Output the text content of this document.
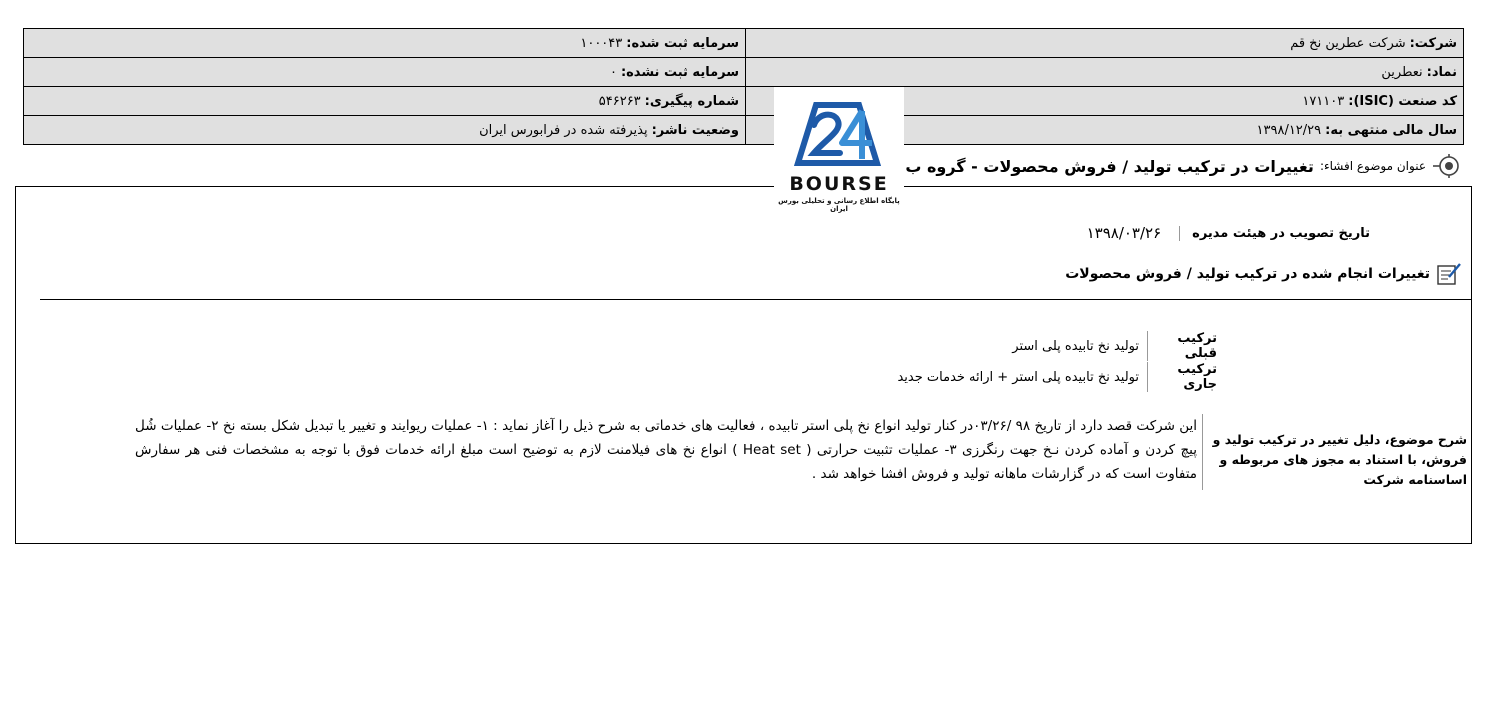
شرکت:شرکت عطرین نخ قم	سرمایه ثبت شده:۱۰۰۰۴۳
نماد:نعطرین	سرمایه ثبت نشده:۰
کد صنعت (ISIC):۱۷۱۱۰۳	شماره پیگیری:۵۴۶۲۶۳
سال مالی منتهی به:۱۳۹۸/۱۲/۲۹	وضعیت ناشر:پذیرفته شده در فرابورس ایران
BOURSE
پایگاه اطلاع رسانی و تحلیلی بورس ایران
عنوان موضوع افشاء:
تغییرات در ترکیب تولید / فروش محصولات - گروه ب
تاریخ تصویب در هیئت مدیره
۱۳۹۸/۰۳/۲۶
تغییرات انجام شده در ترکیب تولید / فروش محصولات
ترکیب قبلی
تولید نخ تابیده پلی استر
ترکیب جاری
تولید نخ تابیده پلی استر + ارائه خدمات جدید
شرح موضوع، دلیل تغییر در ترکیب تولید و فروش، با استناد به مجوز های مربوطه و اساسنامه شرکت
این شرکت قصد دارد از تاریخ ۹۸ /۰۳/۲۶در کنار تولید انواع نخ پلی استر تابیده ، فعالیت های خدماتی به شرح ذیل را آغاز نماید : ۱- عملیات ریوایند و تغییر یا تبدیل شکل بسته نخ ۲- عملیات شُل پیچ کردن و آماده کردن نـخ جهت رنگرزی ۳- عملیات تثبیت حرارتی ( Heat set ) انواع نخ های فیلامنت لازم به توضیح است مبلغ ارائه خدمات فوق با توجه به مشخصات فنی هر سفارش متفاوت است که در گزارشات ماهانه تولید و فروش افشا خواهد شد .
